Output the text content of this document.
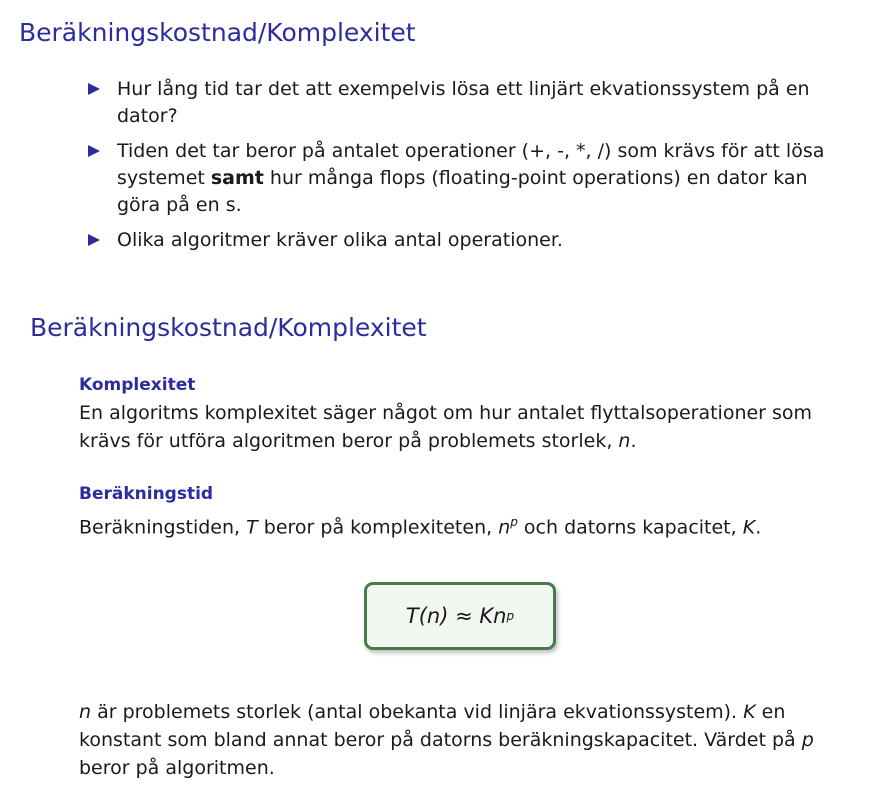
Beräkningskostnad/Komplexitet
Hur lång tid tar det att exempelvis lösa ett linjärt ekvationssystem på en dator?
Tiden det tar beror på antalet operationer (+, -, *, /) som krävs för att lösa systemet samt hur många flops (floating-point operations) en dator kan göra på en s.
Olika algoritmer kräver olika antal operationer.
Beräkningskostnad/Komplexitet
Komplexitet
En algoritms komplexitet säger något om hur antalet flyttalsoperationer som krävs för utföra algoritmen beror på problemets storlek, n.
Beräkningstid
Beräkningstiden, T beror på komplexiteten, $n^p$ och datorns kapacitet, K.
T(n) ≈ Kn p
n är problemets storlek (antal obekanta vid linjära ekvationssystem). K en konstant som bland annat beror på datorns beräkningskapacitet. Värdet på p beror på algoritmen.
